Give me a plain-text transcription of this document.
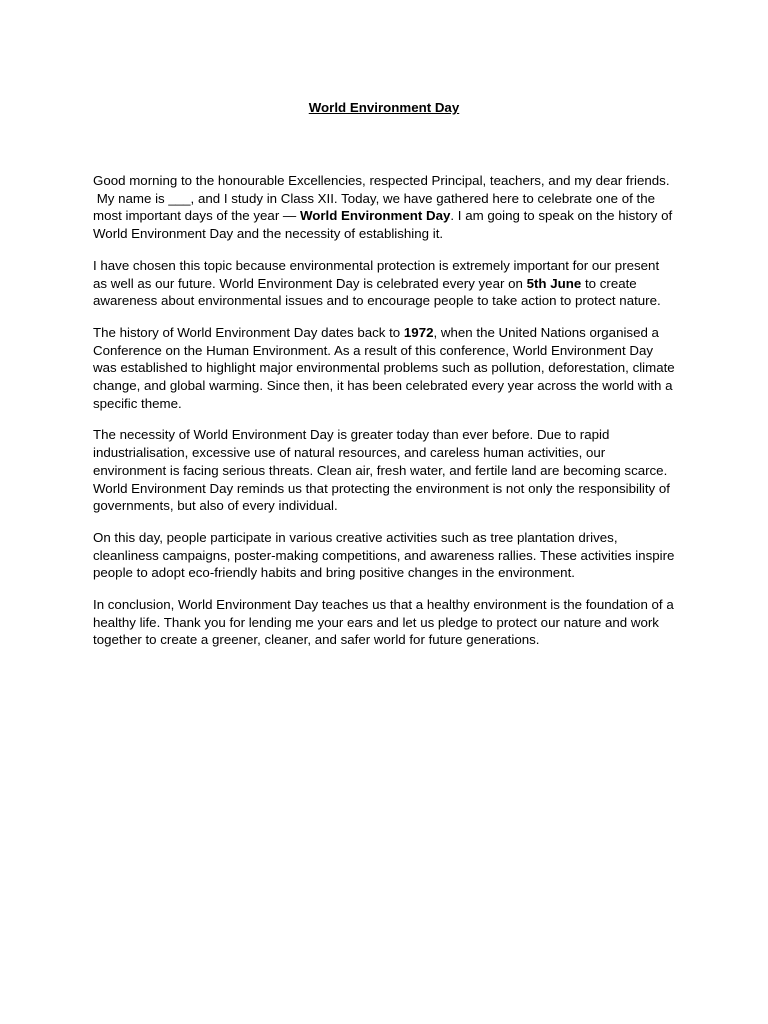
World Environment Day
Good morning to the honourable Excellencies, respected Principal, teachers, and my dear friends.
My name is ___, and I study in Class XII. Today, we have gathered here to celebrate one of the most important days of the year — World Environment Day. I am going to speak on the history of World Environment Day and the necessity of establishing it.
I have chosen this topic because environmental protection is extremely important for our present as well as our future. World Environment Day is celebrated every year on 5th June to create awareness about environmental issues and to encourage people to take action to protect nature.
The history of World Environment Day dates back to 1972, when the United Nations organised a Conference on the Human Environment. As a result of this conference, World Environment Day was established to highlight major environmental problems such as pollution, deforestation, climate change, and global warming. Since then, it has been celebrated every year across the world with a specific theme.
The necessity of World Environment Day is greater today than ever before. Due to rapid industrialisation, excessive use of natural resources, and careless human activities, our environment is facing serious threats. Clean air, fresh water, and fertile land are becoming scarce. World Environment Day reminds us that protecting the environment is not only the responsibility of governments, but also of every individual.
On this day, people participate in various creative activities such as tree plantation drives, cleanliness campaigns, poster-making competitions, and awareness rallies. These activities inspire people to adopt eco-friendly habits and bring positive changes in the environment.
In conclusion, World Environment Day teaches us that a healthy environment is the foundation of a healthy life. Thank you for lending me your ears and let us pledge to protect our nature and work together to create a greener, cleaner, and safer world for future generations.
